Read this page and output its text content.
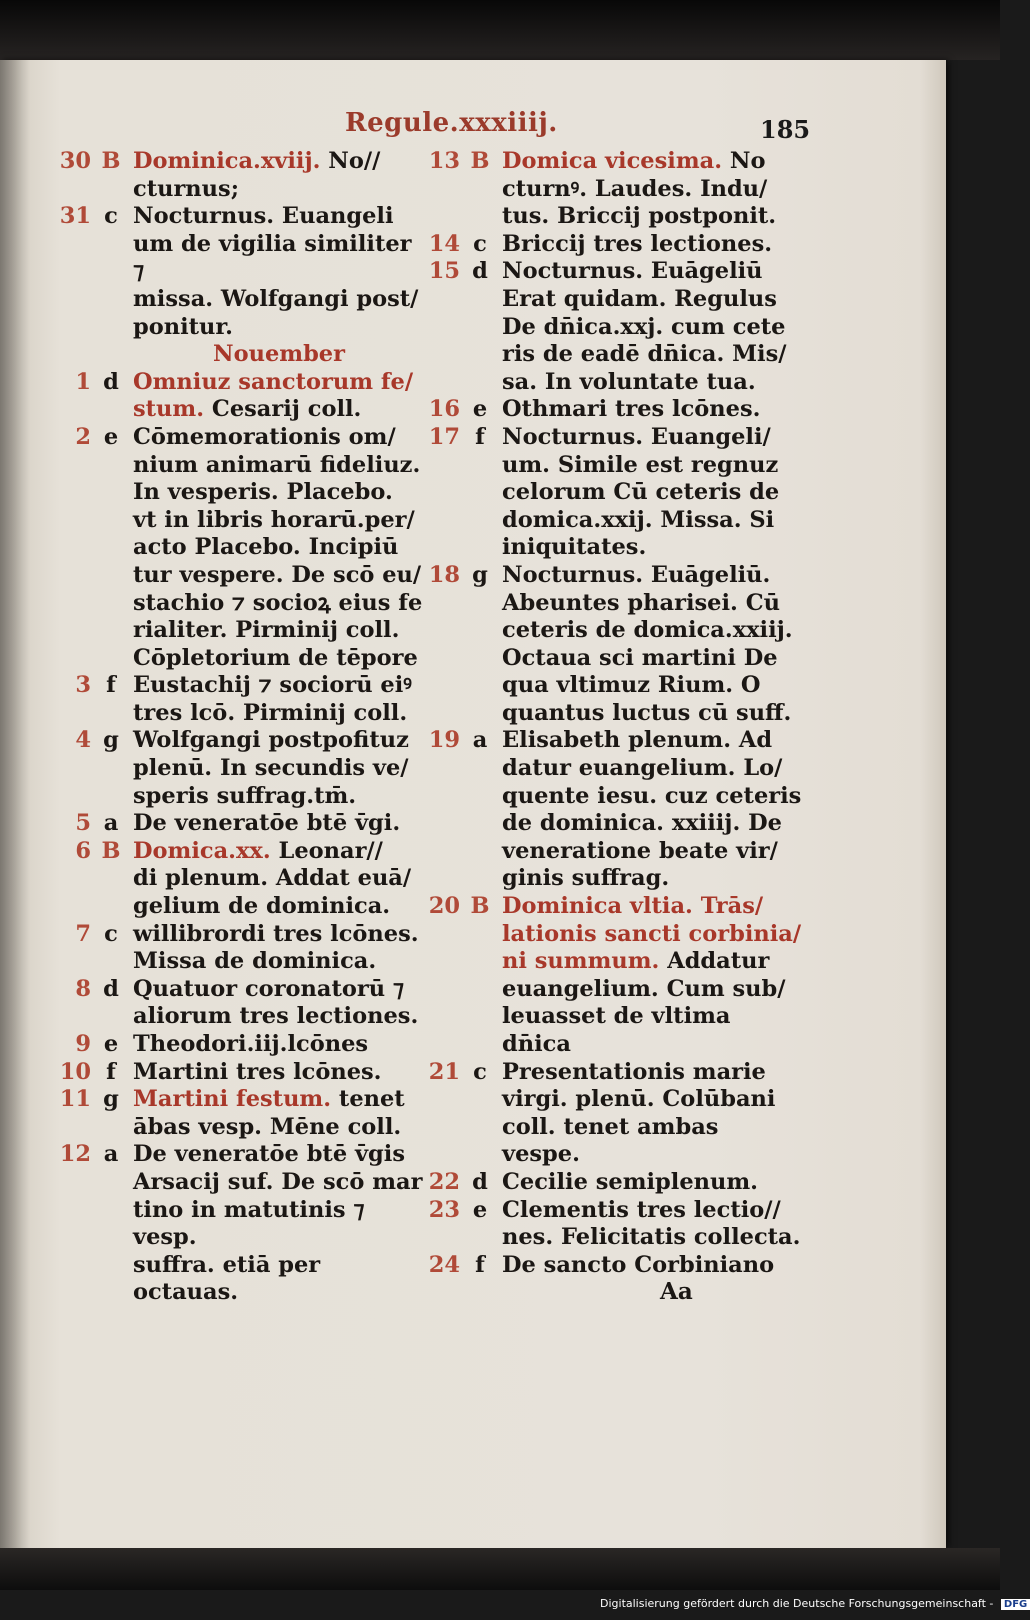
Regule.xxxiiij.	185
30 B Dominica.xviij. No//
cturnus;
31 c Nocturnus. Euangeli
um de vigilia similiter ⁊
missa. Wolfgangi post/
ponitur.
Nouember
1 d Omniuz sanctorum fe/
stum. Cesarij coll.
2 e Cōmemorationis om/
nium animarū fideliuz.
In vesperis. Placebo.
vt in libris horarū.per/
acto Placebo. Incipiū
tur vespere. De scō eu/
stachio ⁊ socioꝝ eius fe
rialiter. Pirminij coll.
Cōpletorium de tēpore
3 f Eustachij ⁊ sociorū eiꝰ
tres lcō. Pirminij coll.
4 g Wolfgangi postpofituz
plenū. In secundis ve/
speris suffrag.tm̄.
5 a De veneratōe btē v̄gi.
6 B Domica.xx. Leonar//
di plenum. Addat euā/
gelium de dominica.
7 c willibrordi tres lcōnes.
Missa de dominica.
8 d Quatuor coronatorū ⁊
aliorum tres lectiones.
9 e Theodori.iij.lcōnes
10 f Martini tres lcōnes.
11 g Martini festum. tenet
ābas vesp. Mēne coll.
12 a De veneratōe btē v̄gis
Arsacij suf. De scō mar
tino in matutinis ⁊ vesp.
suffra. etiā per octauas.
13 B Domica vicesima. No
cturnꝰ. Laudes. Indu/
tus. Briccij postponit.
14 c Briccij tres lectiones.
15 d Nocturnus. Euāgeliū
Erat quidam. Regulus
De dn̄ica.xxj. cum cete
ris de eadē dn̄ica. Mis/
sa. In voluntate tua.
16 e Othmari tres lcōnes.
17 f Nocturnus. Euangeli/
um. Simile est regnuz
celorum Cū ceteris de
domica.xxij. Missa. Si
iniquitates.
18 g Nocturnus. Euāgeliū.
Abeuntes pharisei. Cū
ceteris de domica.xxiij.
Octaua sci martini De
qua vltimuz Rium. O
quantus luctus cū suff.
19 a Elisabeth plenum. Ad
datur euangelium. Lo/
quente iesu. cuz ceteris
de dominica. xxiiij. De
veneratione beate vir/
ginis suffrag.
20 B Dominica vltia. Trās/
lationis sancti corbinia/
ni summum. Addatur
euangelium. Cum sub/
leuasset de vltima dn̄ica
21 c Presentationis marie
virgi. plenū. Colūbani
coll. tenet ambas vespe.
22 d Cecilie semiplenum.
23 e Clementis tres lectio//
nes. Felicitatis collecta.
24 f De sancto Corbiniano
Aa
Digitalisierung gefördert durch die Deutsche Forschungsgemeinschaft - DFG
